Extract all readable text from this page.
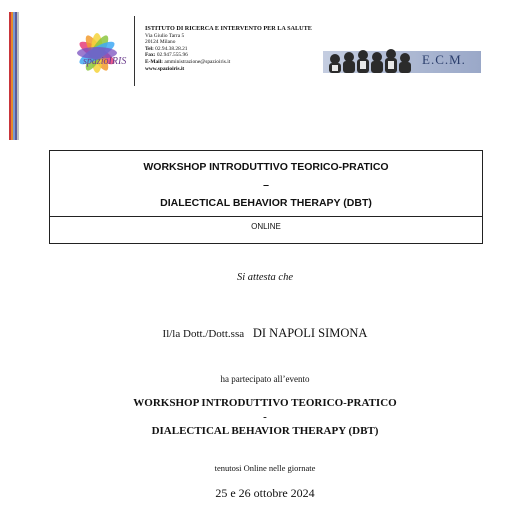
spazioIRIS
ISTITUTO DI RICERCA E INTERVENTO PER LA SALUTE
Via Giulio Tarra 5
20124 Milano
Tel: 02.94.38.28.21
Fax: 02.947.555.96
E-Mail: amministrazione@spazioiris.it
www.spazioiris.it
E.C.M.
WORKSHOP INTRODUTTIVO TEORICO-PRATICO
–
DIALECTICAL BEHAVIOR THERAPY (DBT)
ONLINE
Si attesta che
Il/la Dott./Dott.ssa DI NAPOLI SIMONA
ha partecipato all’evento
WORKSHOP INTRODUTTIVO TEORICO-PRATICO
-
DIALECTICAL BEHAVIOR THERAPY (DBT)
tenutosi Online nelle giornate
25 e 26 ottobre 2024
